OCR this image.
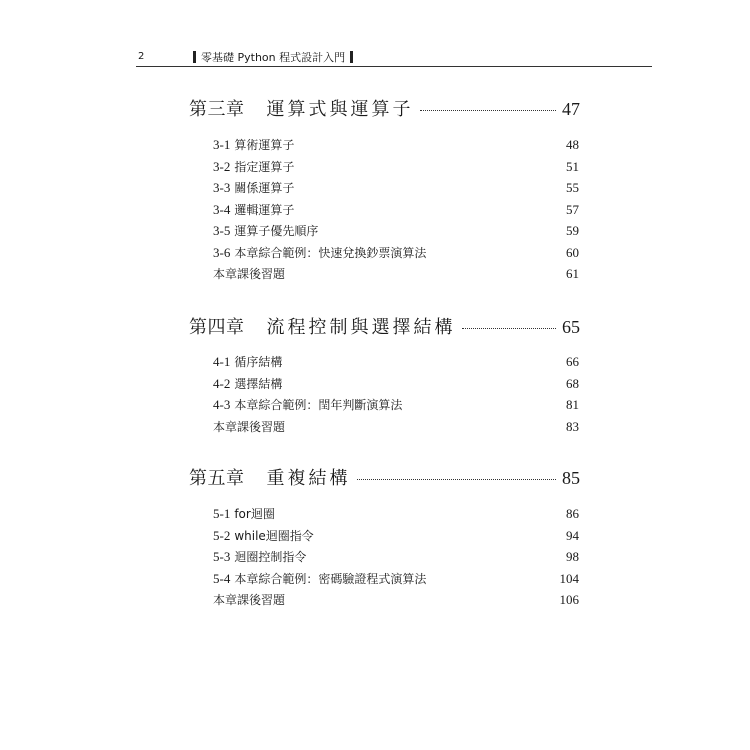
2	零基礎 Python 程式設計入門
第三章 運算式與運算子	47
3-1 算術運算子	48
3-2 指定運算子	51
3-3 關係運算子	55
3-4 邏輯運算子	57
3-5 運算子優先順序	59
3-6 本章綜合範例：快速兌換鈔票演算法	60
本章課後習題	61
第四章 流程控制與選擇結構	65
4-1 循序結構	66
4-2 選擇結構	68
4-3 本章綜合範例：閏年判斷演算法	81
本章課後習題	83
第五章 重複結構	85
5-1 for迴圈	86
5-2 while迴圈指令	94
5-3 迴圈控制指令	98
5-4 本章綜合範例：密碼驗證程式演算法	104
本章課後習題	106
